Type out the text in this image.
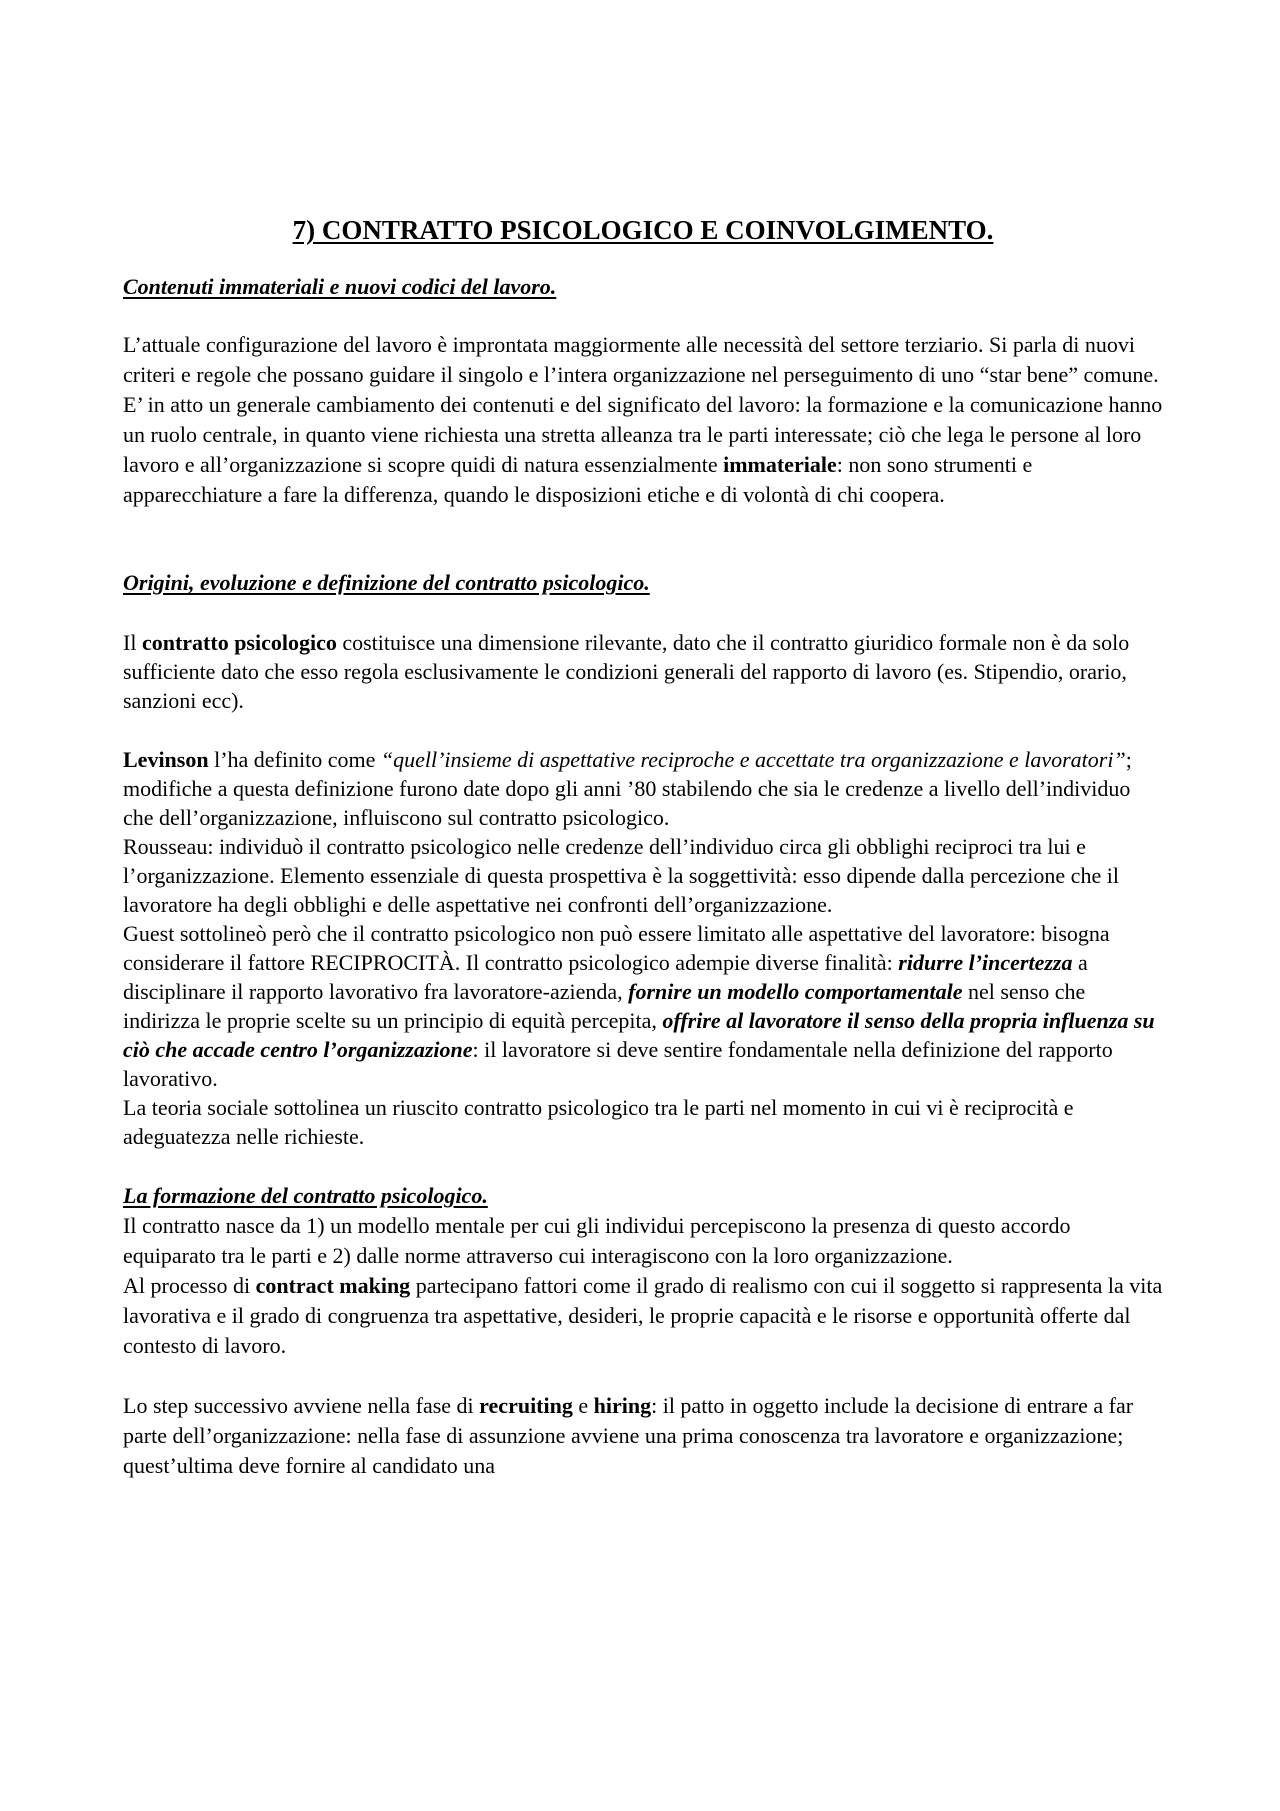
7) CONTRATTO PSICOLOGICO E COINVOLGIMENTO.
Contenuti immateriali e nuovi codici del lavoro.

L’attuale configurazione del lavoro è improntata maggiormente alle necessità del settore terziario. Si parla di nuovi criteri e regole che possano guidare il singolo e l’intera organizzazione nel perseguimento di uno “star bene” comune.

E’ in atto un generale cambiamento dei contenuti e del significato del lavoro: la formazione e la comunicazione hanno un ruolo centrale, in quanto viene richiesta una stretta alleanza tra le parti interessate; ciò che lega le persone al loro lavoro e all’organizzazione si scopre quidi di natura essenzialmente immateriale: non sono strumenti e apparecchiature a fare la differenza, quando le disposizioni etiche e di volontà di chi coopera.

Origini, evoluzione e definizione del contratto psicologico.

Il contratto psicologico costituisce una dimensione rilevante, dato che il contratto giuridico formale non è da solo sufficiente dato che esso regola esclusivamente le condizioni generali del rapporto di lavoro (es. Stipendio, orario, sanzioni ecc).

Levinson l’ha definito come “quell’insieme di aspettative reciproche e accettate tra organizzazione e lavoratori”; modifiche a questa definizione furono date dopo gli anni ’80 stabilendo che sia le credenze a livello dell’individuo che dell’organizzazione, influiscono sul contratto psicologico.

Rousseau: individuò il contratto psicologico nelle credenze dell’individuo circa gli obblighi reciproci tra lui e l’organizzazione. Elemento essenziale di questa prospettiva è la soggettività: esso dipende dalla percezione che il lavoratore ha degli obblighi e delle aspettative nei confronti dell’organizzazione.

Guest sottolineò però che il contratto psicologico non può essere limitato alle aspettative del lavoratore: bisogna considerare il fattore RECIPROCITÀ. Il contratto psicologico adempie diverse finalità: ridurre l’incertezza a disciplinare il rapporto lavorativo fra lavoratore-azienda, fornire un modello comportamentale nel senso che indirizza le proprie scelte su un principio di equità percepita, offrire al lavoratore il senso della propria influenza su ciò che accade centro l’organizzazione: il lavoratore si deve sentire fondamentale nella definizione del rapporto lavorativo.

La teoria sociale sottolinea un riuscito contratto psicologico tra le parti nel momento in cui vi è reciprocità e adeguatezza nelle richieste.

La formazione del contratto psicologico.

Il contratto nasce da 1) un modello mentale per cui gli individui percepiscono la presenza di questo accordo equiparato tra le parti e 2) dalle norme attraverso cui interagiscono con la loro organizzazione.

Al processo di contract making partecipano fattori come il grado di realismo con cui il soggetto si rappresenta la vita lavorativa e il grado di congruenza tra aspettative, desideri, le proprie capacità e le risorse e opportunità offerte dal contesto di lavoro.

Lo step successivo avviene nella fase di recruiting e hiring: il patto in oggetto include la decisione di entrare a far parte dell’organizzazione: nella fase di assunzione avviene una prima conoscenza tra lavoratore e organizzazione; quest’ultima deve fornire al candidato una
